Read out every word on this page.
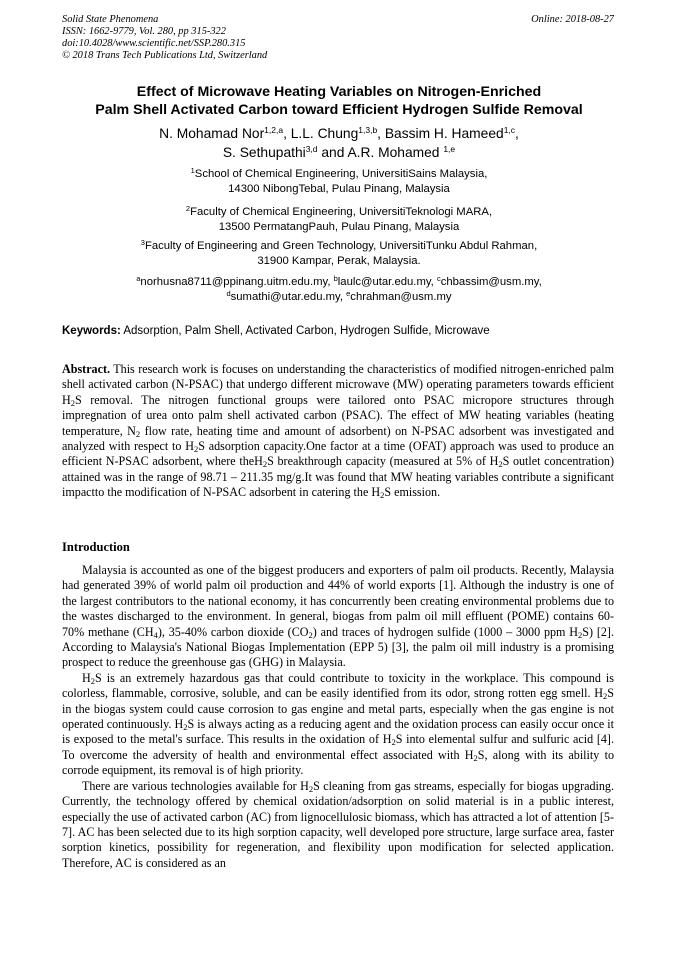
Solid State Phenomena
ISSN: 1662-9779, Vol. 280, pp 315-322
doi:10.4028/www.scientific.net/SSP.280.315
© 2018 Trans Tech Publications Ltd, Switzerland
Online: 2018-08-27
Effect of Microwave Heating Variables on Nitrogen-Enriched
Palm Shell Activated Carbon toward Efficient Hydrogen Sulfide Removal
N. Mohamad Nor$^{1,2,a}$, L.L. Chung$^{1,3,b}$, Bassim H. Hameed$^{1,c}$,
S. Sethupathi$^{3,d}$ and A.R. Mohamed $^{1,e}$
$^1$School of Chemical Engineering, UniversitiSains Malaysia,
14300 NibongTebal, Pulau Pinang, Malaysia
$^2$Faculty of Chemical Engineering, UniversitiTeknologi MARA,
13500 PermatangPauh, Pulau Pinang, Malaysia
$^3$Faculty of Engineering and Green Technology, UniversitiTunku Abdul Rahman,
31900 Kampar, Perak, Malaysia.
$^a$norhusna8711@ppinang.uitm.edu.my, $^b$laulc@utar.edu.my, $^c$chbassim@usm.my,
$^d$sumathi@utar.edu.my, $^e$chrahman@usm.my
Keywords: Adsorption, Palm Shell, Activated Carbon, Hydrogen Sulfide, Microwave

Abstract. This research work is focuses on understanding the characteristics of modified nitrogen-enriched palm shell activated carbon (N-PSAC) that undergo different microwave (MW) operating parameters towards efficient $H_2S$ removal. The nitrogen functional groups were tailored onto PSAC micropore structures through impregnation of urea onto palm shell activated carbon (PSAC). The effect of MW heating variables (heating temperature, $N_2$ flow rate, heating time and amount of adsorbent) on N-PSAC adsorbent was investigated and analyzed with respect to $H_2S$ adsorption capacity.One factor at a time (OFAT) approach was used to produce an efficient N-PSAC adsorbent, where theH$_2$S breakthrough capacity (measured at 5% of $H_2S$ outlet concentration) attained was in the range of 98.71 – 211.35 mg/g.It was found that MW heating variables contribute a significant impactto the modification of N-PSAC adsorbent in catering the $H_2S$ emission.

Introduction

Malaysia is accounted as one of the biggest producers and exporters of palm oil products. Recently, Malaysia had generated 39% of world palm oil production and 44% of world exports [1]. Although the industry is one of the largest contributors to the national economy, it has concurrently been creating environmental problems due to the wastes discharged to the environment. In general, biogas from palm oil mill effluent (POME) contains 60-70% methane $(CH_4)$, 35-40% carbon dioxide $(CO_2)$ and traces of hydrogen sulfide (1000 – 3000 ppm $H_2S$) [2]. According to Malaysia's National Biogas Implementation (EPP 5) [3], the palm oil mill industry is a promising prospect to reduce the greenhouse gas (GHG) in Malaysia.

$H_2S$ is an extremely hazardous gas that could contribute to toxicity in the workplace. This compound is colorless, flammable, corrosive, soluble, and can be easily identified from its odor, strong rotten egg smell. $H_2S$ in the biogas system could cause corrosion to gas engine and metal parts, especially when the gas engine is not operated continuously. $H_2S$ is always acting as a reducing agent and the oxidation process can easily occur once it is exposed to the metal's surface. This results in the oxidation of $H_2S$ into elemental sulfur and sulfuric acid [4]. To overcome the adversity of health and environmental effect associated with $H_2S$, along with its ability to corrode equipment, its removal is of high priority.

There are various technologies available for $H_2S$ cleaning from gas streams, especially for biogas upgrading. Currently, the technology offered by chemical oxidation/adsorption on solid material is in a public interest, especially the use of activated carbon (AC) from lignocellulosic biomass, which has attracted a lot of attention [5-7]. AC has been selected due to its high sorption capacity, well developed pore structure, large surface area, faster sorption kinetics, possibility for regeneration, and flexibility upon modification for selected application. Therefore, AC is considered as an
